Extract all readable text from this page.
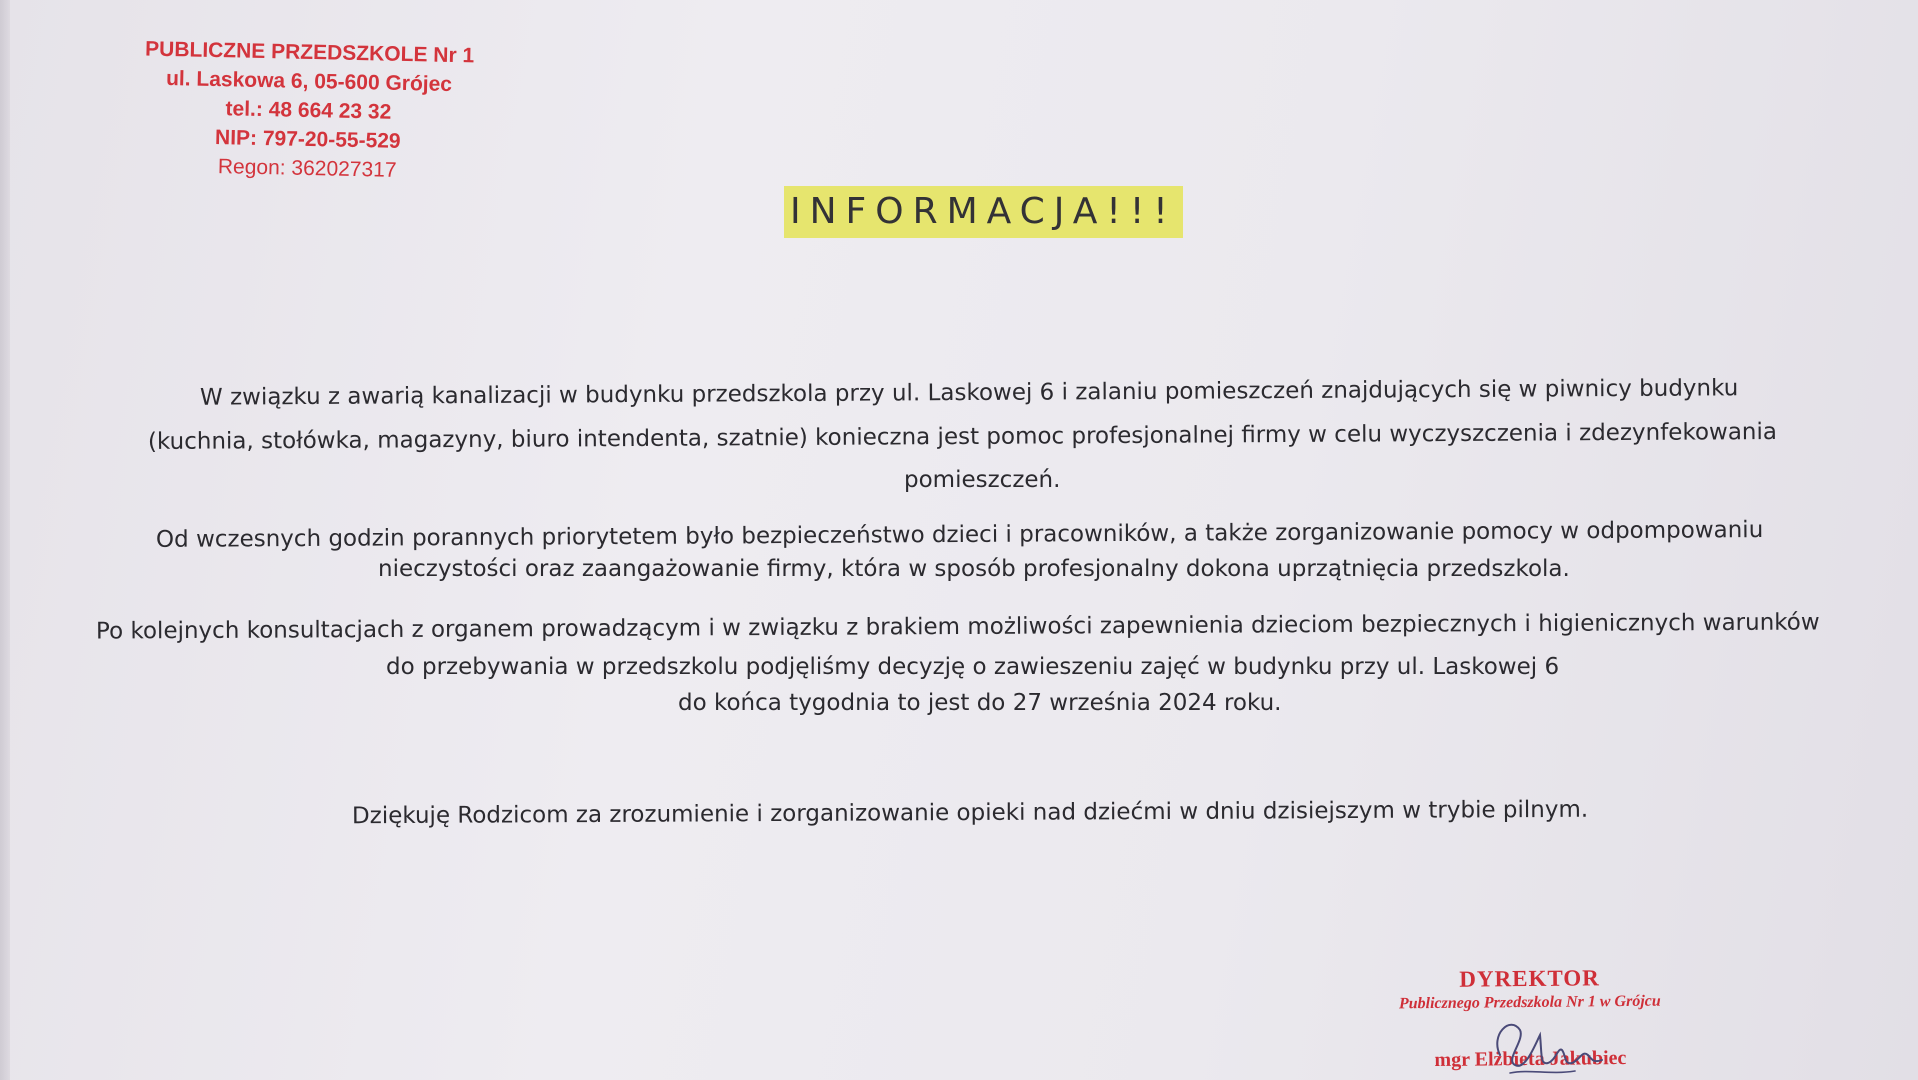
PUBLICZNE PRZEDSZKOLE Nr 1
ul. Laskowa 6, 05-600 Grójec
tel.: 48 664 23 32
NIP: 797-20-55-529
Regon: 362027317
INFORMACJA!!!
W związku z awarią kanalizacji w budynku przedszkola przy ul. Laskowej 6 i zalaniu pomieszczeń znajdujących się w piwnicy budynku
(kuchnia, stołówka, magazyny, biuro intendenta, szatnie) konieczna jest pomoc profesjonalnej firmy w celu wyczyszczenia i zdezynfekowania
pomieszczeń.
Od wczesnych godzin porannych priorytetem było bezpieczeństwo dzieci i pracowników, a także zorganizowanie pomocy w odpompowaniu
nieczystości oraz zaangażowanie firmy, która w sposób profesjonalny dokona uprzątnięcia przedszkola.
Po kolejnych konsultacjach z organem prowadzącym i w związku z brakiem możliwości zapewnienia dzieciom bezpiecznych i higienicznych warunków
do przebywania w przedszkolu podjęliśmy decyzję o zawieszeniu zajęć w budynku przy ul. Laskowej 6
do końca tygodnia to jest do 27 września 2024 roku.
Dziękuję Rodzicom za zrozumienie i zorganizowanie opieki nad dziećmi w dniu dzisiejszym w trybie pilnym.
DYREKTOR
Publicznego Przedszkola Nr 1 w Grójcu
mgr Elżbieta Jakubiec
